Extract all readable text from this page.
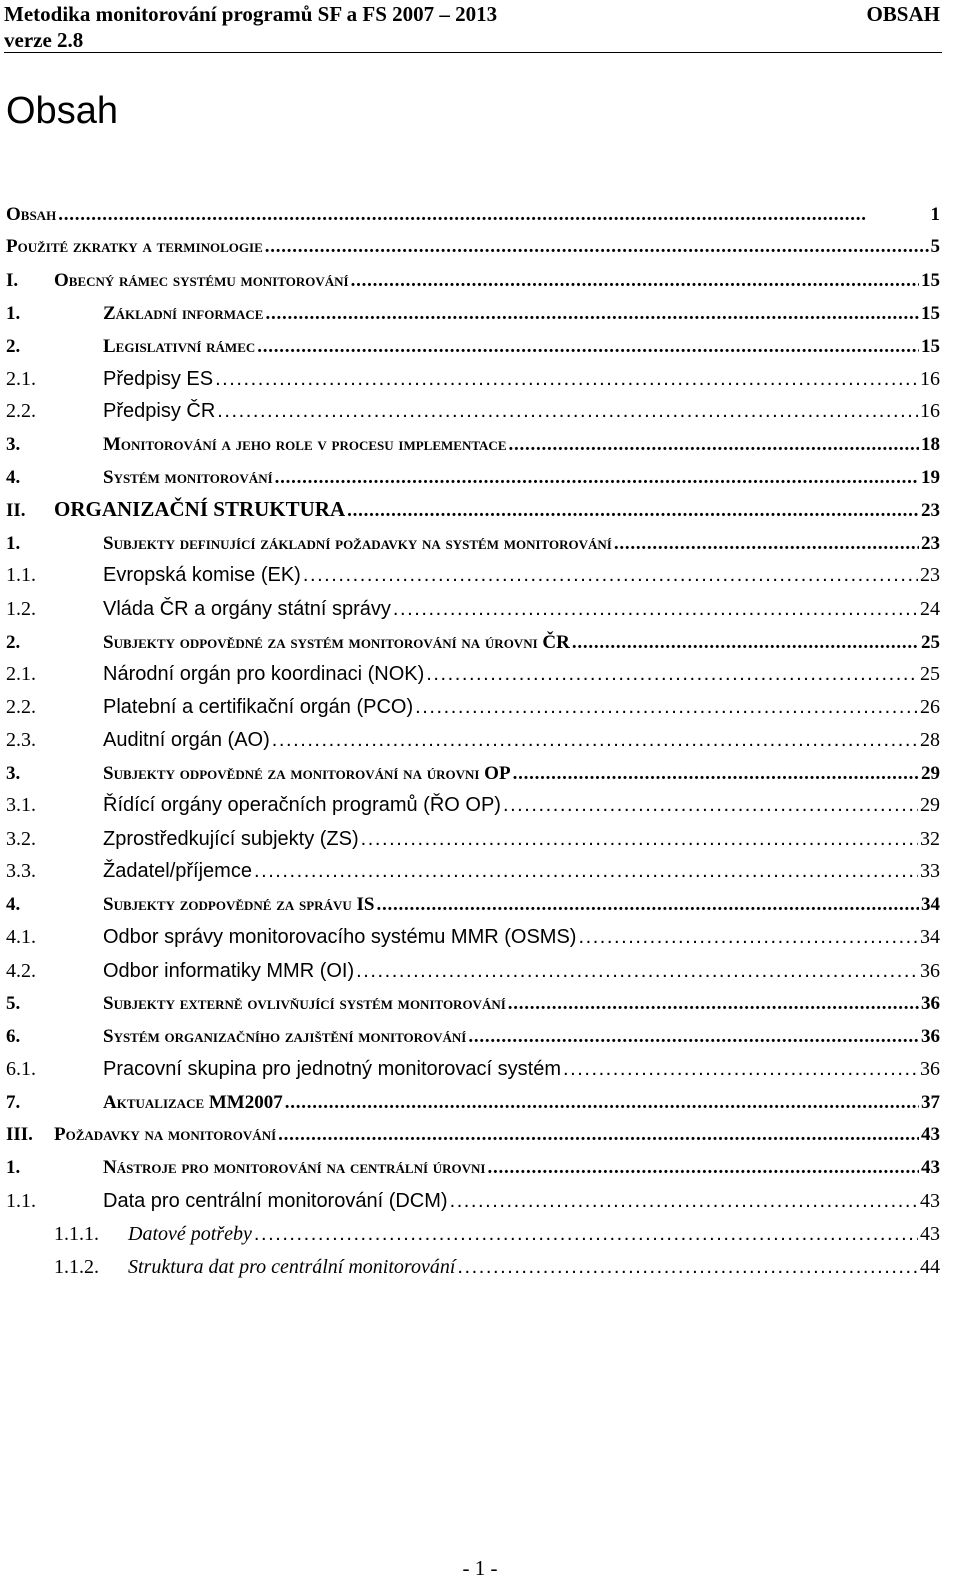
Metodika monitorování programů SF a FS 2007 – 2013
verze 2.8
OBSAH
Obsah
Obsah . . .	1
Použité zkratky a terminologie . . .	5
I.	Obecný rámec systému monitorování . . .	15
1.	Základní informace . . .	15
2.	Legislativní rámec . . .	15
2.1.	Předpisy ES . . .	16
2.2.	Předpisy ČR . . .	16
3.	Monitorování a jeho role v procesu implementace . . .	18
4.	Systém monitorování . . .	19
II.	ORGANIZAČNÍ STRUKTURA . . .	23
1.	Subjekty definující základní požadavky na systém monitorování . . .	23
1.1.	Evropská komise (EK) . . .	23
1.2.	Vláda ČR a orgány státní správy . . .	24
2.	Subjekty odpovědné za systém monitorování na úrovni ČR . . .	25
2.1.	Národní orgán pro koordinaci (NOK) . . .	25
2.2.	Platební a certifikační orgán (PCO) . . .	26
2.3.	Auditní orgán (AO) . . .	28
3.	Subjekty odpovědné za monitorování na úrovni OP . . .	29
3.1.	Řídící orgány operačních programů (ŘO OP) . . .	29
3.2.	Zprostředkující subjekty (ZS) . . .	32
3.3.	Žadatel/příjemce . . .	33
4.	Subjekty zodpovědné za správu IS . . .	34
4.1.	Odbor správy monitorovacího systému MMR (OSMS) . . .	34
4.2.	Odbor informatiky MMR (OI) . . .	36
5.	Subjekty externě ovlivňující systém monitorování . . .	36
6.	Systém organizačního zajištění monitorování . . .	36
6.1.	Pracovní skupina pro jednotný monitorovací systém . . .	36
7.	Aktualizace MM2007 . . .	37
III.	Požadavky na monitorování . . .	43
1.	Nástroje pro monitorování na centrální úrovni . . .	43
1.1.	Data pro centrální monitorování (DCM) . . .	43
1.1.1.	Datové potřeby . . .	43
1.1.2.	Struktura dat pro centrální monitorování . . .	44
- 1 -
